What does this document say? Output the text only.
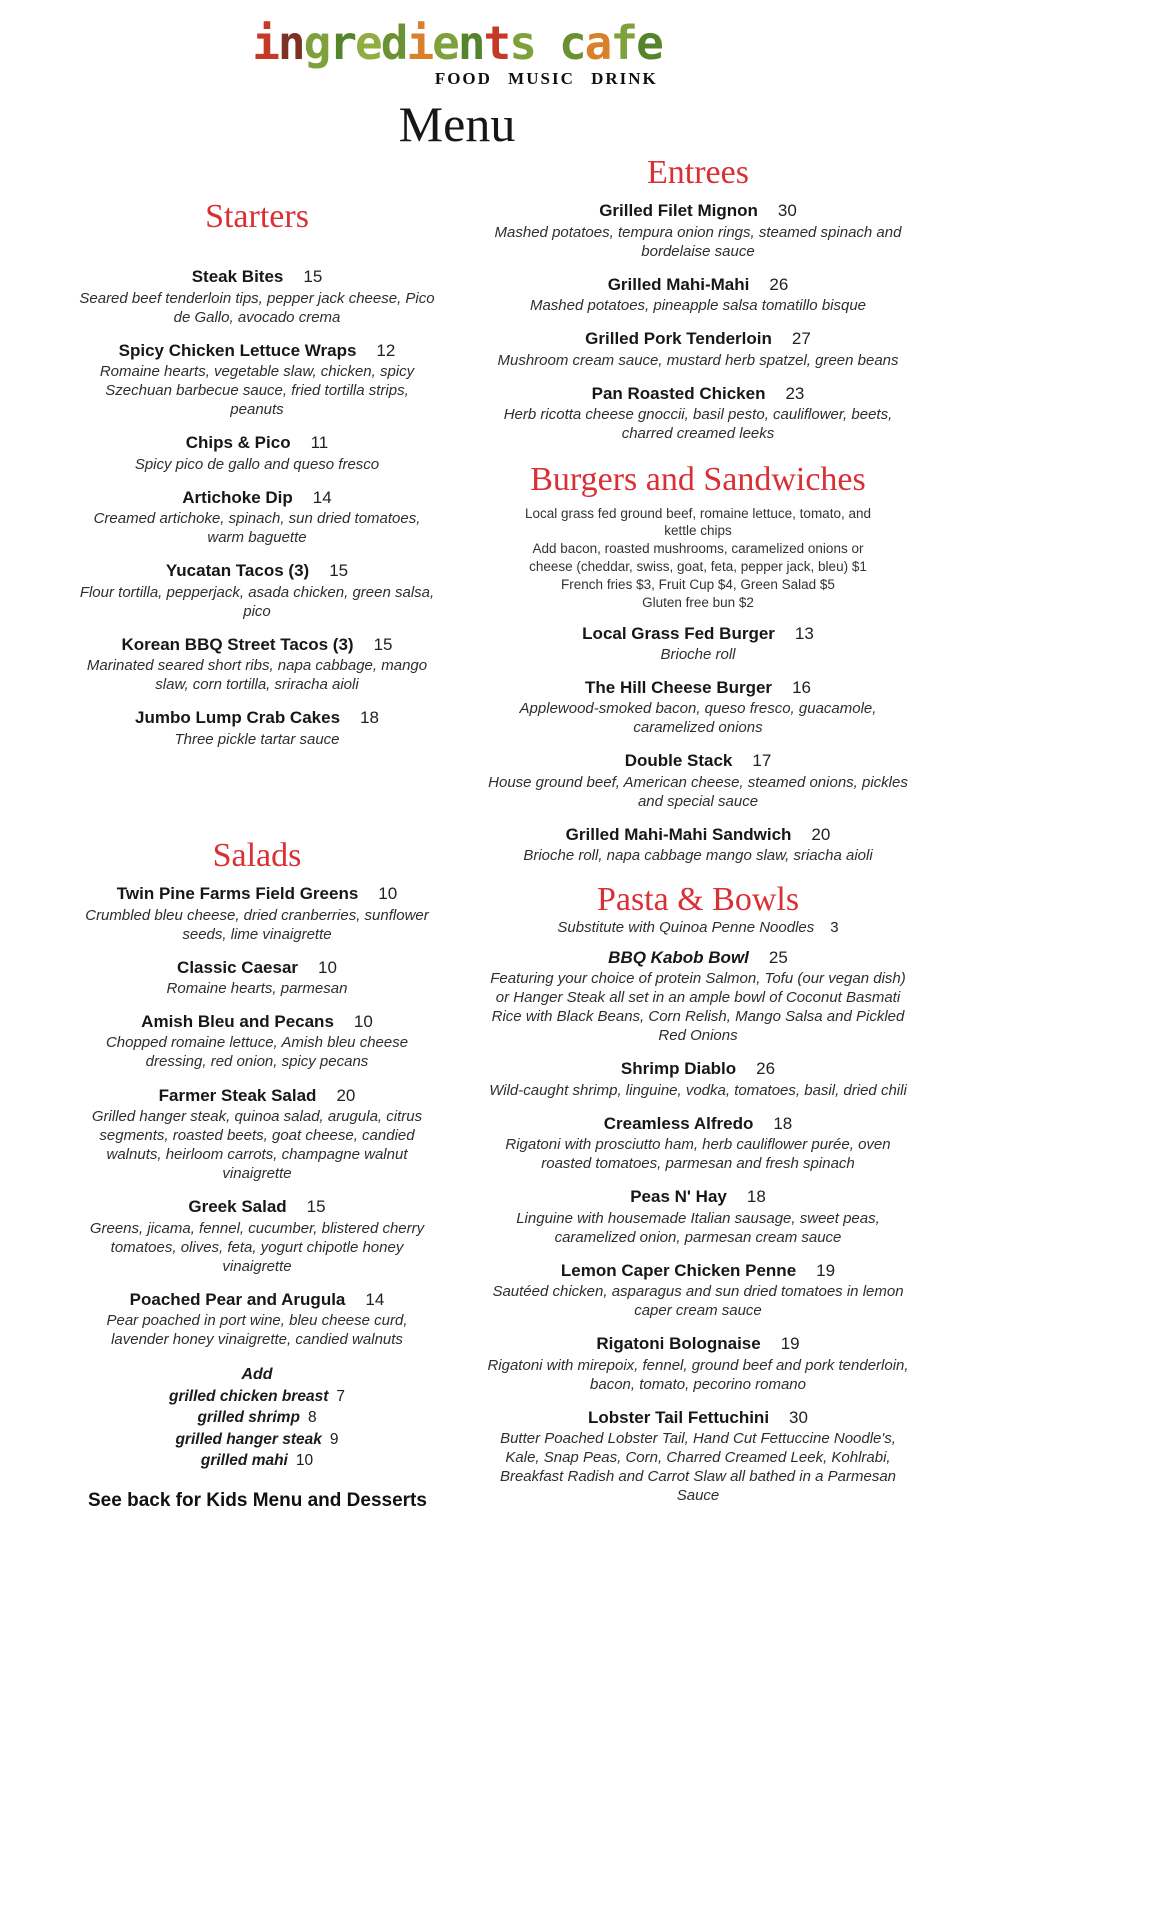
ingredients cafe
FOOD MUSIC DRINK
Menu
Starters
Steak Bites 15
Seared beef tenderloin tips, pepper jack cheese, Pico de Gallo, avocado crema
Spicy Chicken Lettuce Wraps 12
Romaine hearts, vegetable slaw, chicken, spicy Szechuan barbecue sauce, fried tortilla strips, peanuts
Chips & Pico 11
Spicy pico de gallo and queso fresco
Artichoke Dip 14
Creamed artichoke, spinach, sun dried tomatoes, warm baguette
Yucatan Tacos (3) 15
Flour tortilla, pepperjack, asada chicken, green salsa, pico
Korean BBQ Street Tacos (3) 15
Marinated seared short ribs, napa cabbage, mango slaw, corn tortilla, sriracha aioli
Jumbo Lump Crab Cakes 18
Three pickle tartar sauce
Salads
Twin Pine Farms Field Greens 10
Crumbled bleu cheese, dried cranberries, sunflower seeds, lime vinaigrette
Classic Caesar 10
Romaine hearts, parmesan
Amish Bleu and Pecans 10
Chopped romaine lettuce, Amish bleu cheese dressing, red onion, spicy pecans
Farmer Steak Salad 20
Grilled hanger steak, quinoa salad, arugula, citrus segments, roasted beets, goat cheese, candied walnuts, heirloom carrots, champagne walnut vinaigrette
Greek Salad 15
Greens, jicama, fennel, cucumber, blistered cherry tomatoes, olives, feta, yogurt chipotle honey vinaigrette
Poached Pear and Arugula 14
Pear poached in port wine, bleu cheese curd, lavender honey vinaigrette, candied walnuts
Add
grilled chicken breast 7
grilled shrimp 8
grilled hanger steak 9
grilled mahi 10
Entrees
Grilled Filet Mignon 30
Mashed potatoes, tempura onion rings, steamed spinach and bordelaise sauce
Grilled Mahi-Mahi 26
Mashed potatoes, pineapple salsa tomatillo bisque
Grilled Pork Tenderloin 27
Mushroom cream sauce, mustard herb spatzel, green beans
Pan Roasted Chicken 23
Herb ricotta cheese gnoccii, basil pesto, cauliflower, beets, charred creamed leeks
Burgers and Sandwiches
Local grass fed ground beef, romaine lettuce, tomato, and kettle chips
Add bacon, roasted mushrooms, caramelized onions or cheese (cheddar, swiss, goat, feta, pepper jack, bleu) $1
French fries $3, Fruit Cup $4, Green Salad $5
Gluten free bun $2
Local Grass Fed Burger 13
Brioche roll
The Hill Cheese Burger 16
Applewood-smoked bacon, queso fresco, guacamole, caramelized onions
Double Stack 17
House ground beef, American cheese, steamed onions, pickles and special sauce
Grilled Mahi-Mahi Sandwich 20
Brioche roll, napa cabbage mango slaw, sriacha aioli
Pasta & Bowls
Substitute with Quinoa Penne Noodles 3
BBQ Kabob Bowl 25
Featuring your choice of protein Salmon, Tofu (our vegan dish) or Hanger Steak all set in an ample bowl of Coconut Basmati Rice with Black Beans, Corn Relish, Mango Salsa and Pickled Red Onions
Shrimp Diablo 26
Wild-caught shrimp, linguine, vodka, tomatoes, basil, dried chili
Creamless Alfredo 18
Rigatoni with prosciutto ham, herb cauliflower purée, oven roasted tomatoes, parmesan and fresh spinach
Peas N' Hay 18
Linguine with housemade Italian sausage, sweet peas, caramelized onion, parmesan cream sauce
Lemon Caper Chicken Penne 19
Sautéed chicken, asparagus and sun dried tomatoes in lemon caper cream sauce
Rigatoni Bolognaise 19
Rigatoni with mirepoix, fennel, ground beef and pork tenderloin, bacon, tomato, pecorino romano
Lobster Tail Fettuchini 30
Butter Poached Lobster Tail, Hand Cut Fettuccine Noodle's, Kale, Snap Peas, Corn, Charred Creamed Leek, Kohlrabi, Breakfast Radish and Carrot Slaw all bathed in a Parmesan Sauce
See back for Kids Menu and Desserts
